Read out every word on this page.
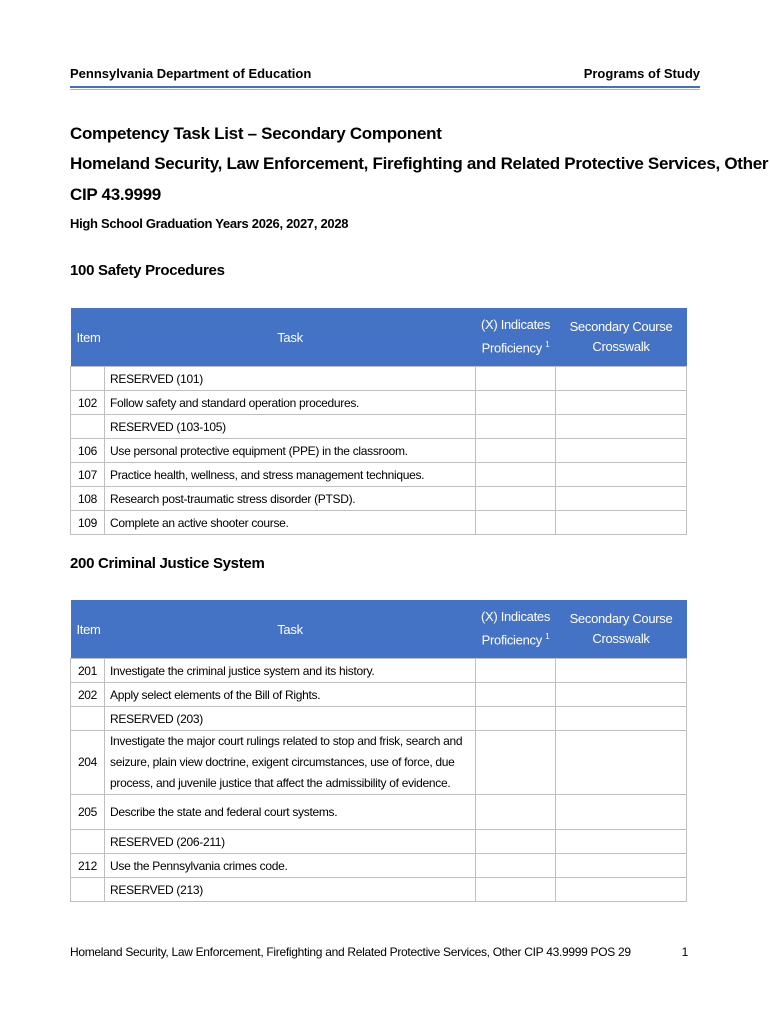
Pennsylvania Department of Education	Programs of Study
Competency Task List – Secondary Component
Homeland Security, Law Enforcement, Firefighting and Related Protective Services, Other
CIP 43.9999
High School Graduation Years 2026, 2027, 2028
100 Safety Procedures
Item	Task	(X) Indicates Proficiency $^1$	Secondary Course Crosswalk
	RESERVED (101)		
102	Follow safety and standard operation procedures.		
	RESERVED (103-105)		
106	Use personal protective equipment (PPE) in the classroom.		
107	Practice health, wellness, and stress management techniques.		
108	Research post-traumatic stress disorder (PTSD).		
109	Complete an active shooter course.		
200 Criminal Justice System
Item	Task	(X) Indicates Proficiency $^1$	Secondary Course Crosswalk
201	Investigate the criminal justice system and its history.		
202	Apply select elements of the Bill of Rights.		
	RESERVED (203)		
204	Investigate the major court rulings related to stop and frisk, search and seizure, plain view doctrine, exigent circumstances, use of force, due process, and juvenile justice that affect the admissibility of evidence.		
205	Describe the state and federal court systems.		
	RESERVED (206-211)		
212	Use the Pennsylvania crimes code.		
	RESERVED (213)		
Homeland Security, Law Enforcement, Firefighting and Related Protective Services, Other CIP 43.9999 POS 29	1
